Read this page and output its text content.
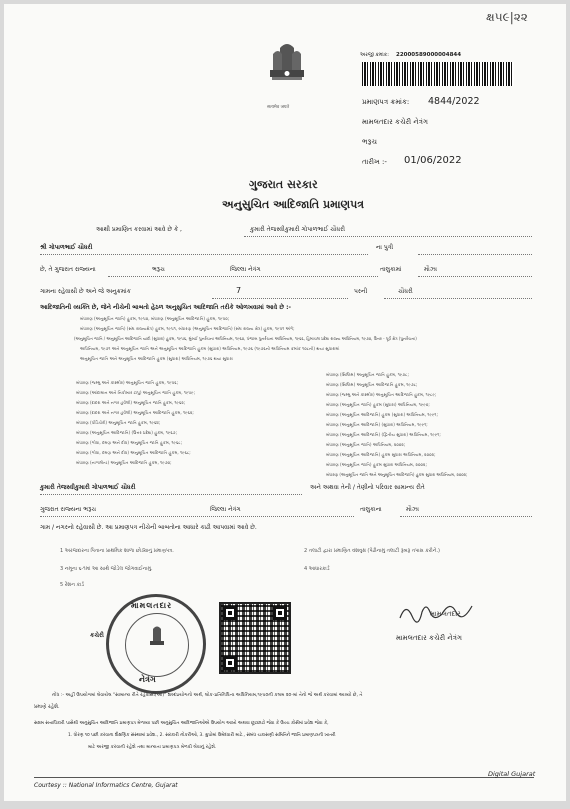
ક્ષ૫૯|૨૨
सत्यमेव जयते
અરજી ક્રમાંક: 22000589000004844
પ્રમાણપત્ર ક્રમાંક: 4844/2022
મામલતદાર કચેરી નેત્રંગ
ભરૂચ
તારીખ :- 01/06/2022
ગુજરાત સરકાર
અનુસુચિત આદિજાતિ પ્રમાણપત્ર
આથી પ્રમાણિત કરવામાં આવે છે કે ,	કુમારી તેજસ્વીકુમારી ગોપાળભાઈ ચૌધરી
શ્રી ગોપાળભાઈ ચૌધરી	ના પુત્રી
છે, તે ગુજરાત રાજ્યના	ભરૂચ	જિલ્લા નેત્રંગ	તાલુકામાં	મૌઝા
ગામના રહેવાસી છે અને જે અનુક્રમાંક	7	પરની	ચૌધરી
આદિજાતિની વ્યક્તિ છે, જેને નીચેની બાબતો હેઠળ અનુસુચિત આદિજાતિ તરીકે ઓળખવામાં આવે છે :-
બંધારણ (અનુસૂચિત જાતિ) હુકમ, ૧૯૫૦, બંધારણ (અનુસૂચિત આદિજાતિ) હુકમ, ૧૯૫૦;
બંધારણ (અનુસૂચિત જાતિ) (સંઘ રાજ્યક્ષેત્ર) હુકમ, ૧૯૫૧, બંધારણ (અનુસૂચિત આદિજાતિ) (સંઘ રાજ્ય ક્ષેત્ર) હુકમ, ૧૯૫૧ અંગે;
(અનુસૂચિત જાતિ / અનુસૂચિત આદિજાતિ યાદી (સુધારા) હુકમ, ૧૯૫૬, મુંબઈ પુનર્રચના અધિનિયમ, ૧૯૬૦, પંજાબ પુનર્રચના અધિનિયમ, ૧૯૬૬, હિમાચલ પ્રદેશ રાજ્ય અધિનિયમ, ૧૯૭૦, ઉત્તર - પૂર્વ ક્ષેત્ર (પુનર્રચના)
અધિનિયમ, ૧૯૭૧ અને અનુસૂચિત જાતિ અને અનુસૂચિત આદિજાતિ હુકમ (સુધારા) અધિનિયમ, ૧૯૭૬ (૧૯૭૬નો અધિનિયમ ક્રમાંક ૧૦૮ની) થયા સુધારામાં
અનુસૂચિત જાતિ અને અનુસૂચિત આદિજાતિ હુકમ (સુધારા) અધિનિયમ, ૧૯૭૬ થયા સુધારા
બંધારણ (જમ્મુ અને કાશ્મીર) અનુસૂચિત જાતિ હુકમ, ૧૯૫૬;
બંધારણ (આંદામાન અને નિકોબાર ટાપુ) અનુસૂચિત જાતિ હુકમ, ૧૯૫૯;
બંધારણ (દાદરા અને નગર હવેલી) અનુસૂચિત જાતિ હુકમ, ૧૯૬૨;
બંધારણ (દાદરા અને નગર હવેલી) અનુસૂચિત આદિજાતિ હુકમ, ૧૯૬૨;
બંધારણ (પોંડિચેરી) અનુસૂચિત જાતિ હુકમ, ૧૯૬૪;
બંધારણ (અનુસૂચિત આદિજાતિ) (ઉત્તર પ્રદેશ) હુકમ, ૧૯૬૭;
બંધારણ (ગોવા, દમણ અને દીવ) અનુસૂચિત જાતિ હુકમ, ૧૯૬૮;
બંધારણ (ગોવા, દમણ અને દીવ) અનુસૂચિત આદિજાતિ હુકમ, ૧૯૬૮;
બંધારણ (નાગાલેન્ડ) અનુસૂચિત આદિજાતિ હુકમ, ૧૯૭૦;
બંધારણ (સિક્કિમ) અનુસૂચિત જાતિ હુકમ, ૧૯૭૮;
બંધારણ (સિક્કિમ) અનુસૂચિત આદિજાતિ હુકમ, ૧૯૭૮;
બંધારણ (જમ્મુ અને કાશ્મીર) અનુસૂચિત આદિજાતિ હુકમ, ૧૯૮૯;
બંધારણ (અનુસૂચિત જાતિ) હુકમ (સુધારા) અધિનિયમ, ૧૯૯૦;
બંધારણ (અનુસૂચિત આદિજાતિ) હુકમ (સુધારા) અધિનિયમ, ૧૯૯૧;
બંધારણ (અનુસૂચિત આદિજાતિ) (સુધારા) અધિનિયમ, ૧૯૯૧;
બંધારણ (અનુસૂચિત આદિજાતિ) (દ્વિતીય સુધારા) અધિનિયમ, ૧૯૯૧;
બંધારણ (અનુસૂચિત જાતિ) અધિનિયમ, ૨૦૦૨;
બંધારણ (અનુસૂચિત આદિજાતિ) હુકમ સુધારા અધિનિયમ, ૨૦૦૨;
બંધારણ (અનુસૂચિત જાતિ) હુકમ સુધારા અધિનિયમ, ૨૦૦૨;
બંધારણ (અનુસૂચિત જાતિ અને અનુસૂચિત આદિજાતિ) હુકમ સુધારા અધિનિયમ, ૨૦૦૨;
કુમારી તેજસ્વીકુમારી ગોપાળભાઈ ચૌધરી	અને અથવા તેની / તેણીનો પરિવાર સામાન્ય રીતે
ગુજરાત રાજ્યના ભરૂચ	જિલ્લા નેત્રંગ	તાલુકાના	મૌઝા
ગામ / નગરનો રહેવાસી છે. આ પ્રમાણપત્ર નીચેની બાબતોના આધારે કાઢી આપવામાં આવે છે.
1 અરજદારના પિતાના પ્રાથમિક શાળા છોડ્યાનું પ્રમાણપત્ર.	2 તલાટી દ્વારા પ્રમાણિત વંશવૃક્ષ (પેઢીનામું તલાટી રૂબરૂ તપાસ કરીને.)
3 નમૂના ૬-૧માં આ સાથે જોડેલ જોગવાઈનામું.	4 આધારકાર્ડ
5 રેશન કાર્ડ
મામલતદાર
નેત્રંગ
કચેરી
મામલતદાર
મામલતદાર કચેરી નેત્રંગ
નોંધ :- અહીં ઉપયોગમાં લેવાયેલ "સામાન્ય રીતે રહેવાસી(ઓ)" શબ્દપ્રયોગનો અર્થ, લોક-પ્રતિનિધિત્વ અધિનિયમ,૧૯૫૦ની કલમ ૨૦-માં તેનો જે અર્થ કરવામાં આવ્યો છે, તે
પ્રમાણે રહેશે.
સક્ષમ સત્તાધિકારી પાસેથી અનુસુચિત આદિજાતિ પ્રમાણપત્ર મેળવ્યા પછી અનુસુચિત આદિજાતિઓએ ઉપયોગ આખો અથવા છૂટછાટો જેવા કે ઉચ્ચ કોર્સમાં પ્રવેશ જેવા કે,
1. ધોરણ ૧૦ પછી કરવાના શૈક્ષણિક સંસ્થામાં પ્રવેશ., 2. સરકારી નોકરીઓ, 3. ગ્રુપોમાં ઉમેદવારી માટે., સંબંધ ચકાસણી સમિતિને જાતિ પ્રમાણપત્રની ખાતરી
માટે અરજી કરવાની રહેશે તથા માન્યતા પ્રમાણપત્ર મેળવી લેવાનું રહેશે.
Courtesy :: National Informatics Centre, Gujarat
Digital Gujarat
